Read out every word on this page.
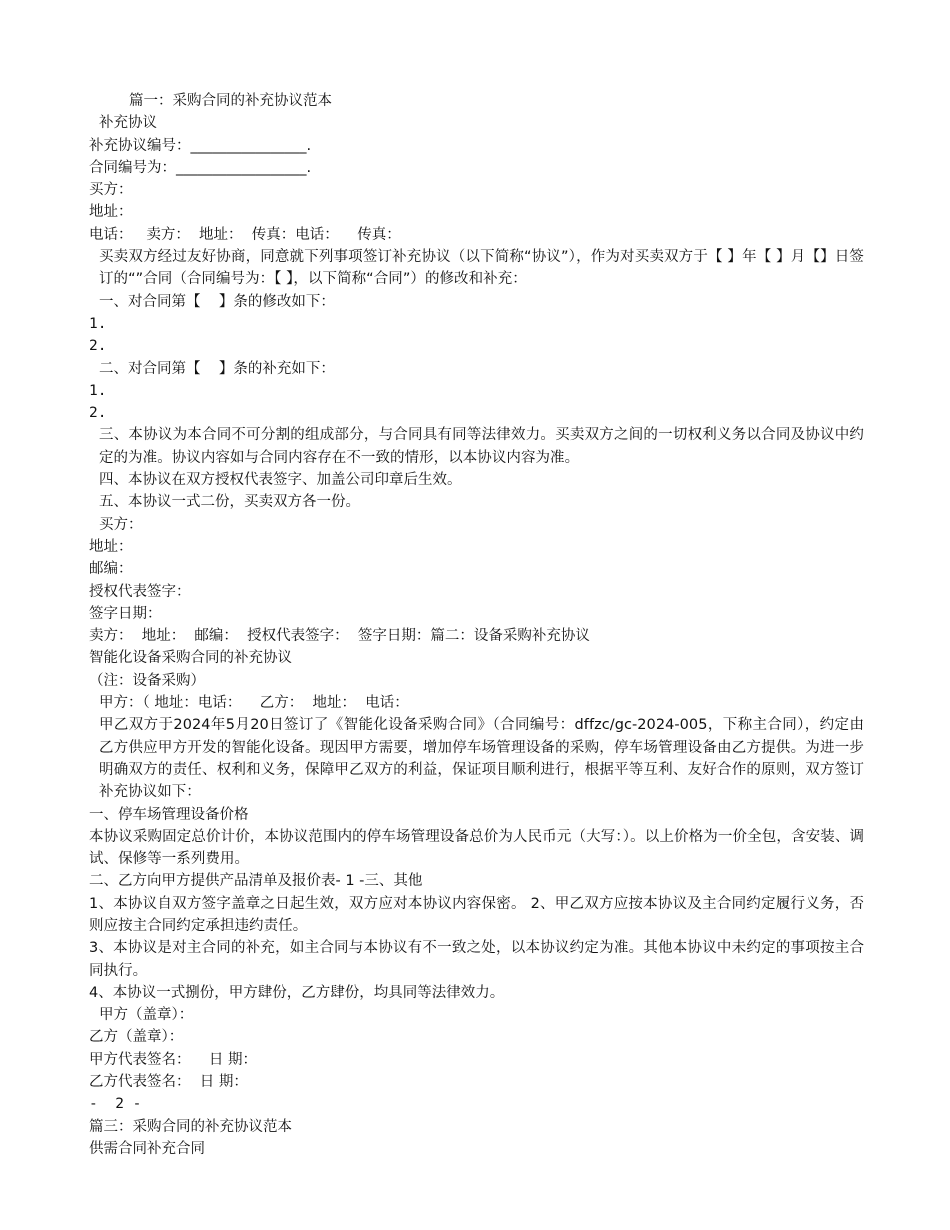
篇一：采购合同的补充协议范本
补充协议
补充协议编号：________________.
合同编号为：__________________.
买方：
地址：
电话：   卖方：  地址：  传真：电话：    传真：
买卖双方经过友好协商，同意就下列事项签订补充协议（以下简称“协议”），作为对买卖双方于【 】年【 】月【】日签订的“”合同（合同编号为：【 】，以下简称“合同”）的修改和补充：
一、对合同第【    】条的修改如下：
1.
2.
二、对合同第【    】条的补充如下：
1.
2.
三、本协议为本合同不可分割的组成部分，与合同具有同等法律效力。买卖双方之间的一切权利义务以合同及协议中约定的为准。协议内容如与合同内容存在不一致的情形，以本协议内容为准。
四、本协议在双方授权代表签字、加盖公司印章后生效。
五、本协议一式二份，买卖双方各一份。
买方：
地址：
邮编：
授权代表签字：
签字日期：
卖方：  地址：  邮编：  授权代表签字：  签字日期：篇二：设备采购补充协议
智能化设备采购合同的补充协议
（注：设备采购）
甲方：（ 地址：电话：    乙方：  地址：  电话：
甲乙双方于2024年5月20日签订了《智能化设备采购合同》（合同编号：dffzc/gc-2024-005，下称主合同），约定由乙方供应甲方开发的智能化设备。现因甲方需要，增加停车场管理设备的采购，停车场管理设备由乙方提供。为进一步明确双方的责任、权利和义务，保障甲乙双方的利益，保证项目顺利进行，根据平等互利、友好合作的原则，双方签订补充协议如下：
一、停车场管理设备价格
本协议采购固定总价计价，本协议范围内的停车场管理设备总价为人民币元（大写：）。以上价格为一价全包，含安装、调试、保修等一系列费用。
二、乙方向甲方提供产品清单及报价表- 1 -三、其他
1、本协议自双方签字盖章之日起生效，双方应对本协议内容保密。 2、甲乙双方应按本协议及主合同约定履行义务，否则应按主合同约定承担违约责任。
3、本协议是对主合同的补充，如主合同与本协议有不一致之处，以本协议约定为准。其他本协议中未约定的事项按主合同执行。
4、本协议一式捌份，甲方肆份，乙方肆份，均具同等法律效力。
甲方（盖章）：
乙方（盖章）：
甲方代表签名：    日 期：
乙方代表签名：  日 期：
-  2 -
篇三：采购合同的补充协议范本
供需合同补充合同
